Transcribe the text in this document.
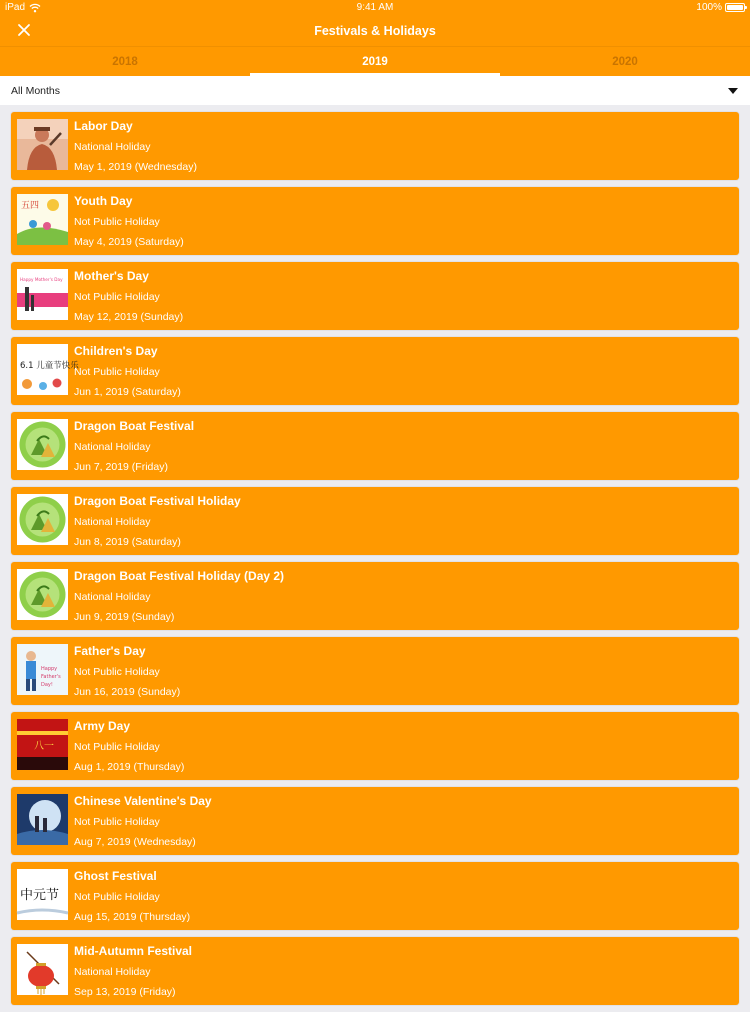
iPad	9:41 AM	100%
Festivals & Holidays
2018	2019	2020
All Months
Labor Day
National Holiday
May 1, 2019 (Wednesday)
五四	Youth Day
Not Public Holiday
May 4, 2019 (Saturday)
Happy Mother's Day Mother's Day
Not Public Holiday
May 12, 2019 (Sunday)
6.1 儿童节快乐
Children's Day
Not Public Holiday
Jun 1, 2019 (Saturday)
Dragon Boat Festival
National Holiday
Jun 7, 2019 (Friday)
Dragon Boat Festival Holiday
National Holiday
Jun 8, 2019 (Saturday)
Dragon Boat Festival Holiday (Day 2)
National Holiday
Jun 9, 2019 (Sunday)
Happy
Father's
Day!
Father's Day
Not Public Holiday
Jun 16, 2019 (Sunday)
八一
Army Day
Not Public Holiday
Aug 1, 2019 (Thursday)
Chinese Valentine's Day
Not Public Holiday
Aug 7, 2019 (Wednesday)
中元节
Ghost Festival
Not Public Holiday
Aug 15, 2019 (Thursday)
Mid-Autumn Festival
National Holiday
Sep 13, 2019 (Friday)
